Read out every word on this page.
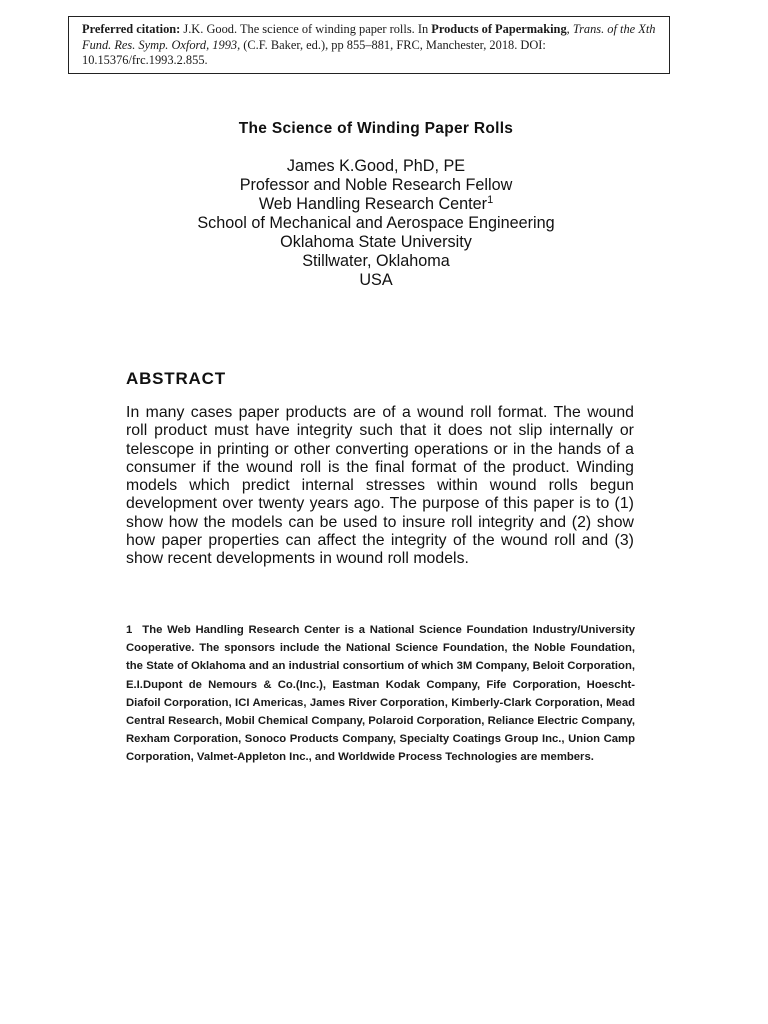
Preferred citation: J.K. Good. The science of winding paper rolls. In Products of Papermaking, Trans. of the Xth Fund. Res. Symp. Oxford, 1993, (C.F. Baker, ed.), pp 855–881, FRC, Manchester, 2018. DOI: 10.15376/frc.1993.2.855.
The Science of Winding Paper Rolls
James K.Good, PhD, PE
Professor and Noble Research Fellow
Web Handling Research Center$^1$
School of Mechanical and Aerospace Engineering
Oklahoma State University
Stillwater, Oklahoma
USA
ABSTRACT
In many cases paper products are of a wound roll format. The wound roll product must have integrity such that it does not slip internally or telescope in printing or other converting operations or in the hands of a consumer if the wound roll is the final format of the product. Winding models which predict internal stresses within wound rolls begun development over twenty years ago. The purpose of this paper is to (1) show how the models can be used to insure roll integrity and (2) show how paper properties can affect the integrity of the wound roll and (3) show recent developments in wound roll models.
1 The Web Handling Research Center is a National Science Foundation Industry/University Cooperative. The sponsors include the National Science Foundation, the Noble Foundation, the State of Oklahoma and an industrial consortium of which 3M Company, Beloit Corporation, E.I.Dupont de Nemours & Co.(Inc.), Eastman Kodak Company, Fife Corporation, Hoescht-Diafoil Corporation, ICI Americas, James River Corporation, Kimberly-Clark Corporation, Mead Central Research, Mobil Chemical Company, Polaroid Corporation, Reliance Electric Company, Rexham Corporation, Sonoco Products Company, Specialty Coatings Group Inc., Union Camp Corporation, Valmet-Appleton Inc., and Worldwide Process Technologies are members.
